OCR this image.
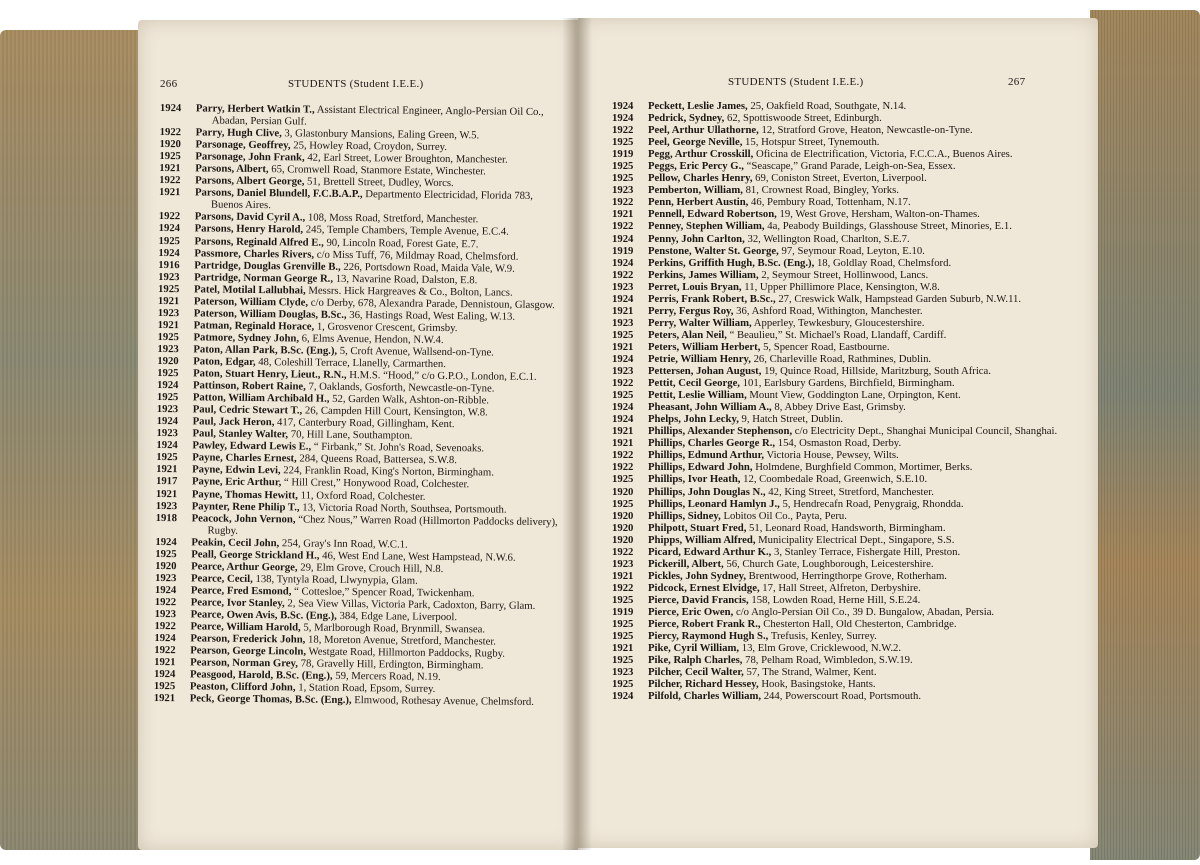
266	STUDENTS (Student I.E.E.)
1924	Parry, Herbert Watkin T., Assistant Electrical Engineer, Anglo-Persian Oil Co., Abadan, Persian Gulf.
1922	Parry, Hugh Clive, 3, Glastonbury Mansions, Ealing Green, W.5.
1920	Parsonage, Geoffrey, 25, Howley Road, Croydon, Surrey.
1925	Parsonage, John Frank, 42, Earl Street, Lower Broughton, Manchester.
1921	Parsons, Albert, 65, Cromwell Road, Stanmore Estate, Winchester.
1922	Parsons, Albert George, 51, Brettell Street, Dudley, Worcs.
1921	Parsons, Daniel Blundell, F.C.B.A.P., Departmento Electricidad, Florida 783, Buenos Aires.
1922	Parsons, David Cyril A., 108, Moss Road, Stretford, Manchester.
1924	Parsons, Henry Harold, 245, Temple Chambers, Temple Avenue, E.C.4.
1925	Parsons, Reginald Alfred E., 90, Lincoln Road, Forest Gate, E.7.
1924	Passmore, Charles Rivers, c/o Miss Tuff, 76, Mildmay Road, Chelmsford.
1916	Partridge, Douglas Grenville B., 226, Portsdown Road, Maida Vale, W.9.
1923	Partridge, Norman George R., 13, Navarine Road, Dalston, E.8.
1925	Patel, Motilal Lallubhai, Messrs. Hick Hargreaves & Co., Bolton, Lancs.
1921	Paterson, William Clyde, c/o Derby, 678, Alexandra Parade, Dennistoun, Glasgow.
1923	Paterson, William Douglas, B.Sc., 36, Hastings Road, West Ealing, W.13.
1921	Patman, Reginald Horace, 1, Grosvenor Crescent, Grimsby.
1925	Patmore, Sydney John, 6, Elms Avenue, Hendon, N.W.4.
1923	Paton, Allan Park, B.Sc. (Eng.), 5, Croft Avenue, Wallsend-on-Tyne.
1920	Paton, Edgar, 48, Coleshill Terrace, Llanelly, Carmarthen.
1925	Paton, Stuart Henry, Lieut., R.N., H.M.S. “Hood,” c/o G.P.O., London, E.C.1.
1924	Pattinson, Robert Raine, 7, Oaklands, Gosforth, Newcastle-on-Tyne.
1925	Patton, William Archibald H., 52, Garden Walk, Ashton-on-Ribble.
1923	Paul, Cedric Stewart T., 26, Campden Hill Court, Kensington, W.8.
1924	Paul, Jack Heron, 417, Canterbury Road, Gillingham, Kent.
1923	Paul, Stanley Walter, 70, Hill Lane, Southampton.
1924	Pawley, Edward Lewis E., “ Firbank,” St. John's Road, Sevenoaks.
1925	Payne, Charles Ernest, 284, Queens Road, Battersea, S.W.8.
1921	Payne, Edwin Levi, 224, Franklin Road, King's Norton, Birmingham.
1917	Payne, Eric Arthur, “ Hill Crest,” Honywood Road, Colchester.
1921	Payne, Thomas Hewitt, 11, Oxford Road, Colchester.
1923	Paynter, Rene Philip T., 13, Victoria Road North, Southsea, Portsmouth.
1918	Peacock, John Vernon, “Chez Nous,” Warren Road (Hillmorton Paddocks delivery), Rugby.
1924	Peakin, Cecil John, 254, Gray's Inn Road, W.C.1.
1925	Peall, George Strickland H., 46, West End Lane, West Hampstead, N.W.6.
1920	Pearce, Arthur George, 29, Elm Grove, Crouch Hill, N.8.
1923	Pearce, Cecil, 138, Tyntyla Road, Llwynypia, Glam.
1924	Pearce, Fred Esmond, “ Cottesloe,” Spencer Road, Twickenham.
1922	Pearce, Ivor Stanley, 2, Sea View Villas, Victoria Park, Cadoxton, Barry, Glam.
1923	Pearce, Owen Avis, B.Sc. (Eng.), 384, Edge Lane, Liverpool.
1922	Pearce, William Harold, 5, Marlborough Road, Brynmill, Swansea.
1924	Pearson, Frederick John, 18, Moreton Avenue, Stretford, Manchester.
1922	Pearson, George Lincoln, Westgate Road, Hillmorton Paddocks, Rugby.
1921	Pearson, Norman Grey, 78, Gravelly Hill, Erdington, Birmingham.
1924	Peasgood, Harold, B.Sc. (Eng.), 59, Mercers Road, N.19.
1925	Peaston, Clifford John, 1, Station Road, Epsom, Surrey.
1921	Peck, George Thomas, B.Sc. (Eng.), Elmwood, Rothesay Avenue, Chelmsford.
STUDENTS (Student I.E.E.)	267
1924	Peckett, Leslie James, 25, Oakfield Road, Southgate, N.14.
1924	Pedrick, Sydney, 62, Spottiswoode Street, Edinburgh.
1922	Peel, Arthur Ullathorne, 12, Stratford Grove, Heaton, Newcastle-on-Tyne.
1925	Peel, George Neville, 15, Hotspur Street, Tynemouth.
1919	Pegg, Arthur Crosskill, Oficina de Electrification, Victoria, F.C.C.A., Buenos Aires.
1925	Peggs, Eric Percy G., “Seascape,” Grand Parade, Leigh-on-Sea, Essex.
1925	Pellow, Charles Henry, 69, Coniston Street, Everton, Liverpool.
1923	Pemberton, William, 81, Crownest Road, Bingley, Yorks.
1922	Penn, Herbert Austin, 46, Pembury Road, Tottenham, N.17.
1921	Pennell, Edward Robertson, 19, West Grove, Hersham, Walton-on-Thames.
1922	Penney, Stephen William, 4a, Peabody Buildings, Glasshouse Street, Minories, E.1.
1924	Penny, John Carlton, 32, Wellington Road, Charlton, S.E.7.
1919	Penstone, Walter St. George, 97, Seymour Road, Leyton, E.10.
1924	Perkins, Griffith Hugh, B.Sc. (Eng.), 18, Goldlay Road, Chelmsford.
1922	Perkins, James William, 2, Seymour Street, Hollinwood, Lancs.
1923	Perret, Louis Bryan, 11, Upper Phillimore Place, Kensington, W.8.
1924	Perris, Frank Robert, B.Sc., 27, Creswick Walk, Hampstead Garden Suburb, N.W.11.
1921	Perry, Fergus Roy, 36, Ashford Road, Withington, Manchester.
1923	Perry, Walter William, Apperley, Tewkesbury, Gloucestershire.
1925	Peters, Alan Neil, “ Beaulieu,” St. Michael's Road, Llandaff, Cardiff.
1921	Peters, William Herbert, 5, Spencer Road, Eastbourne.
1924	Petrie, William Henry, 26, Charleville Road, Rathmines, Dublin.
1923	Pettersen, Johan August, 19, Quince Road, Hillside, Maritzburg, South Africa.
1922	Pettit, Cecil George, 101, Earlsbury Gardens, Birchfield, Birmingham.
1925	Pettit, Leslie William, Mount View, Goddington Lane, Orpington, Kent.
1924	Pheasant, John William A., 8, Abbey Drive East, Grimsby.
1924	Phelps, John Lecky, 9, Hatch Street, Dublin.
1921	Phillips, Alexander Stephenson, c/o Electricity Dept., Shanghai Municipal Council, Shanghai.
1921	Phillips, Charles George R., 154, Osmaston Road, Derby.
1922	Phillips, Edmund Arthur, Victoria House, Pewsey, Wilts.
1922	Phillips, Edward John, Holmdene, Burghfield Common, Mortimer, Berks.
1925	Phillips, Ivor Heath, 12, Coombedale Road, Greenwich, S.E.10.
1920	Phillips, John Douglas N., 42, King Street, Stretford, Manchester.
1925	Phillips, Leonard Hamlyn J., 5, Hendrecafn Road, Penygraig, Rhondda.
1920	Phillips, Sidney, Lobitos Oil Co., Payta, Peru.
1920	Philpott, Stuart Fred, 51, Leonard Road, Handsworth, Birmingham.
1920	Phipps, William Alfred, Municipality Electrical Dept., Singapore, S.S.
1922	Picard, Edward Arthur K., 3, Stanley Terrace, Fishergate Hill, Preston.
1923	Pickerill, Albert, 56, Church Gate, Loughborough, Leicestershire.
1921	Pickles, John Sydney, Brentwood, Herringthorpe Grove, Rotherham.
1922	Pidcock, Ernest Elvidge, 17, Hall Street, Alfreton, Derbyshire.
1925	Pierce, David Francis, 158, Lowden Road, Herne Hill, S.E.24.
1919	Pierce, Eric Owen, c/o Anglo-Persian Oil Co., 39 D. Bungalow, Abadan, Persia.
1925	Pierce, Robert Frank R., Chesterton Hall, Old Chesterton, Cambridge.
1925	Piercy, Raymond Hugh S., Trefusis, Kenley, Surrey.
1921	Pike, Cyril William, 13, Elm Grove, Cricklewood, N.W.2.
1925	Pike, Ralph Charles, 78, Pelham Road, Wimbledon, S.W.19.
1923	Pilcher, Cecil Walter, 57, The Strand, Walmer, Kent.
1925	Pilcher, Richard Hessey, Hook, Basingstoke, Hants.
1924	Pilfold, Charles William, 244, Powerscourt Road, Portsmouth.
